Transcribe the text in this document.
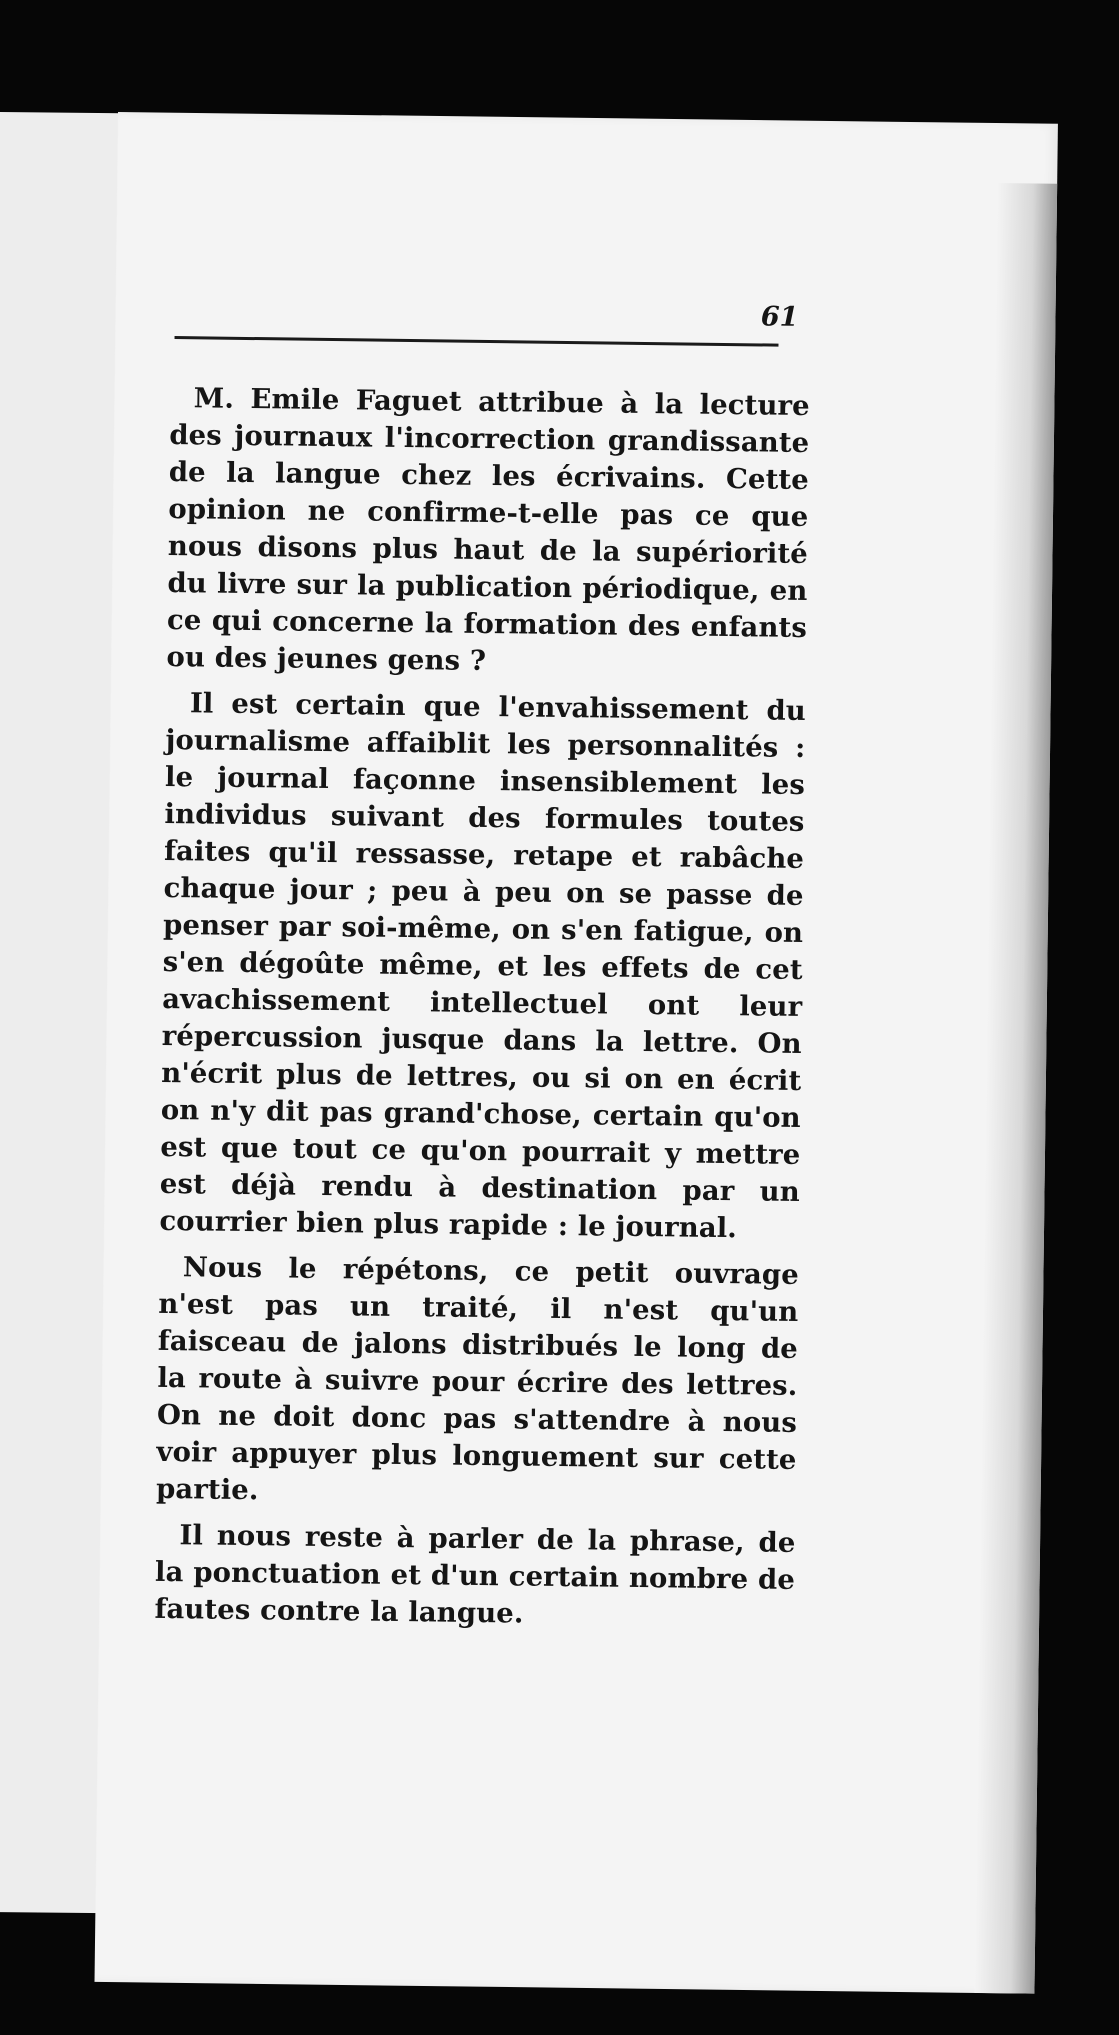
61

M. Emile Faguet attribue à la lecture des journaux l'incorrection grandissante de la langue chez les écrivains. Cette opinion ne confirme-t-elle pas ce que nous disons plus haut de la supériorité du livre sur la publication périodique, en ce qui concerne la formation des enfants ou des jeunes gens ?

Il est certain que l'envahissement du journalisme affaiblit les personnalités : le journal façonne insensiblement les individus suivant des formules toutes faites qu'il ressasse, retape et rabâche chaque jour ; peu à peu on se passe de penser par soi-même, on s'en fatigue, on s'en dégoûte même, et les effets de cet avachissement intellectuel ont leur répercussion jusque dans la lettre. On n'écrit plus de lettres, ou si on en écrit on n'y dit pas grand'chose, certain qu'on est que tout ce qu'on pourrait y mettre est déjà rendu à destination par un courrier bien plus rapide : le journal.

Nous le répétons, ce petit ouvrage n'est pas un traité, il n'est qu'un faisceau de jalons distribués le long de la route à suivre pour écrire des lettres. On ne doit donc pas s'attendre à nous voir appuyer plus longuement sur cette partie.

Il nous reste à parler de la phrase, de la ponctuation et d'un certain nombre de fautes contre la langue.
